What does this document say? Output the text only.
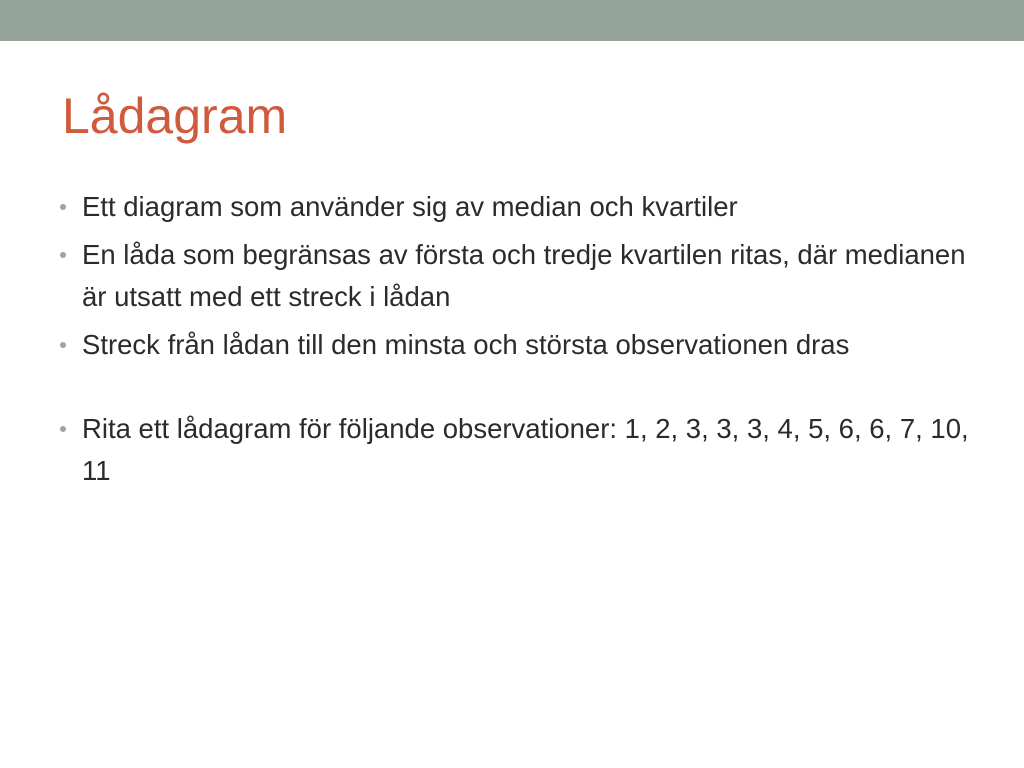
Lådagram
Ett diagram som använder sig av median och kvartiler
En låda som begränsas av första och tredje kvartilen ritas, där medianen är utsatt med ett streck i lådan
Streck från lådan till den minsta och största observationen dras
Rita ett lådagram för följande observationer: 1, 2, 3, 3, 3, 4, 5, 6, 6, 7, 10, 11
